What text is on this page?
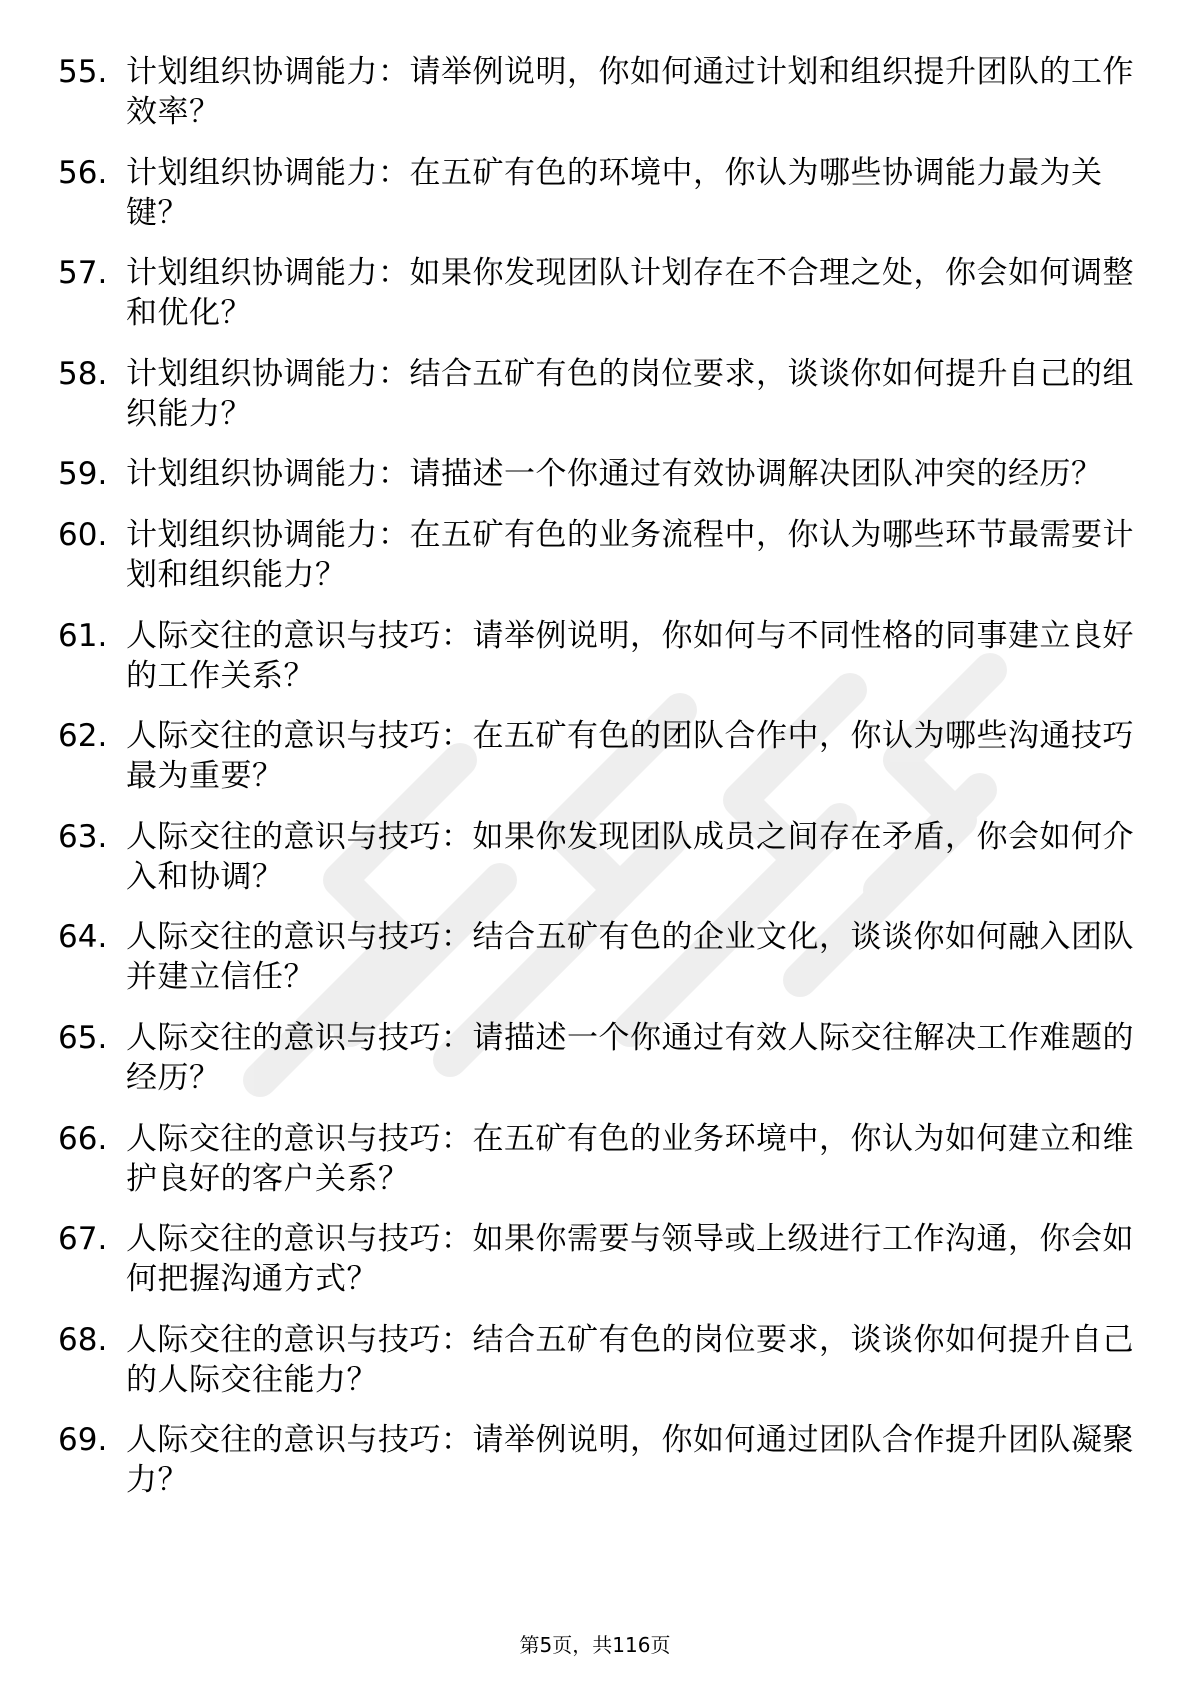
55. 计划组织协调能力：请举例说明，你如何通过计划和组织提升团队的工作效率？
56. 计划组织协调能力：在五矿有色的环境中，你认为哪些协调能力最为关键？
57. 计划组织协调能力：如果你发现团队计划存在不合理之处，你会如何调整和优化？
58. 计划组织协调能力：结合五矿有色的岗位要求，谈谈你如何提升自己的组织能力？
59. 计划组织协调能力：请描述一个你通过有效协调解决团队冲突的经历？
60. 计划组织协调能力：在五矿有色的业务流程中，你认为哪些环节最需要计划和组织能力？
61. 人际交往的意识与技巧：请举例说明，你如何与不同性格的同事建立良好的工作关系？
62. 人际交往的意识与技巧：在五矿有色的团队合作中，你认为哪些沟通技巧最为重要？
63. 人际交往的意识与技巧：如果你发现团队成员之间存在矛盾，你会如何介入和协调？
64. 人际交往的意识与技巧：结合五矿有色的企业文化，谈谈你如何融入团队并建立信任？
65. 人际交往的意识与技巧：请描述一个你通过有效人际交往解决工作难题的经历？
66. 人际交往的意识与技巧：在五矿有色的业务环境中，你认为如何建立和维护良好的客户关系？
67. 人际交往的意识与技巧：如果你需要与领导或上级进行工作沟通，你会如何把握沟通方式？
68. 人际交往的意识与技巧：结合五矿有色的岗位要求，谈谈你如何提升自己的人际交往能力？
69. 人际交往的意识与技巧：请举例说明，你如何通过团队合作提升团队凝聚力？
第5页，共116页
